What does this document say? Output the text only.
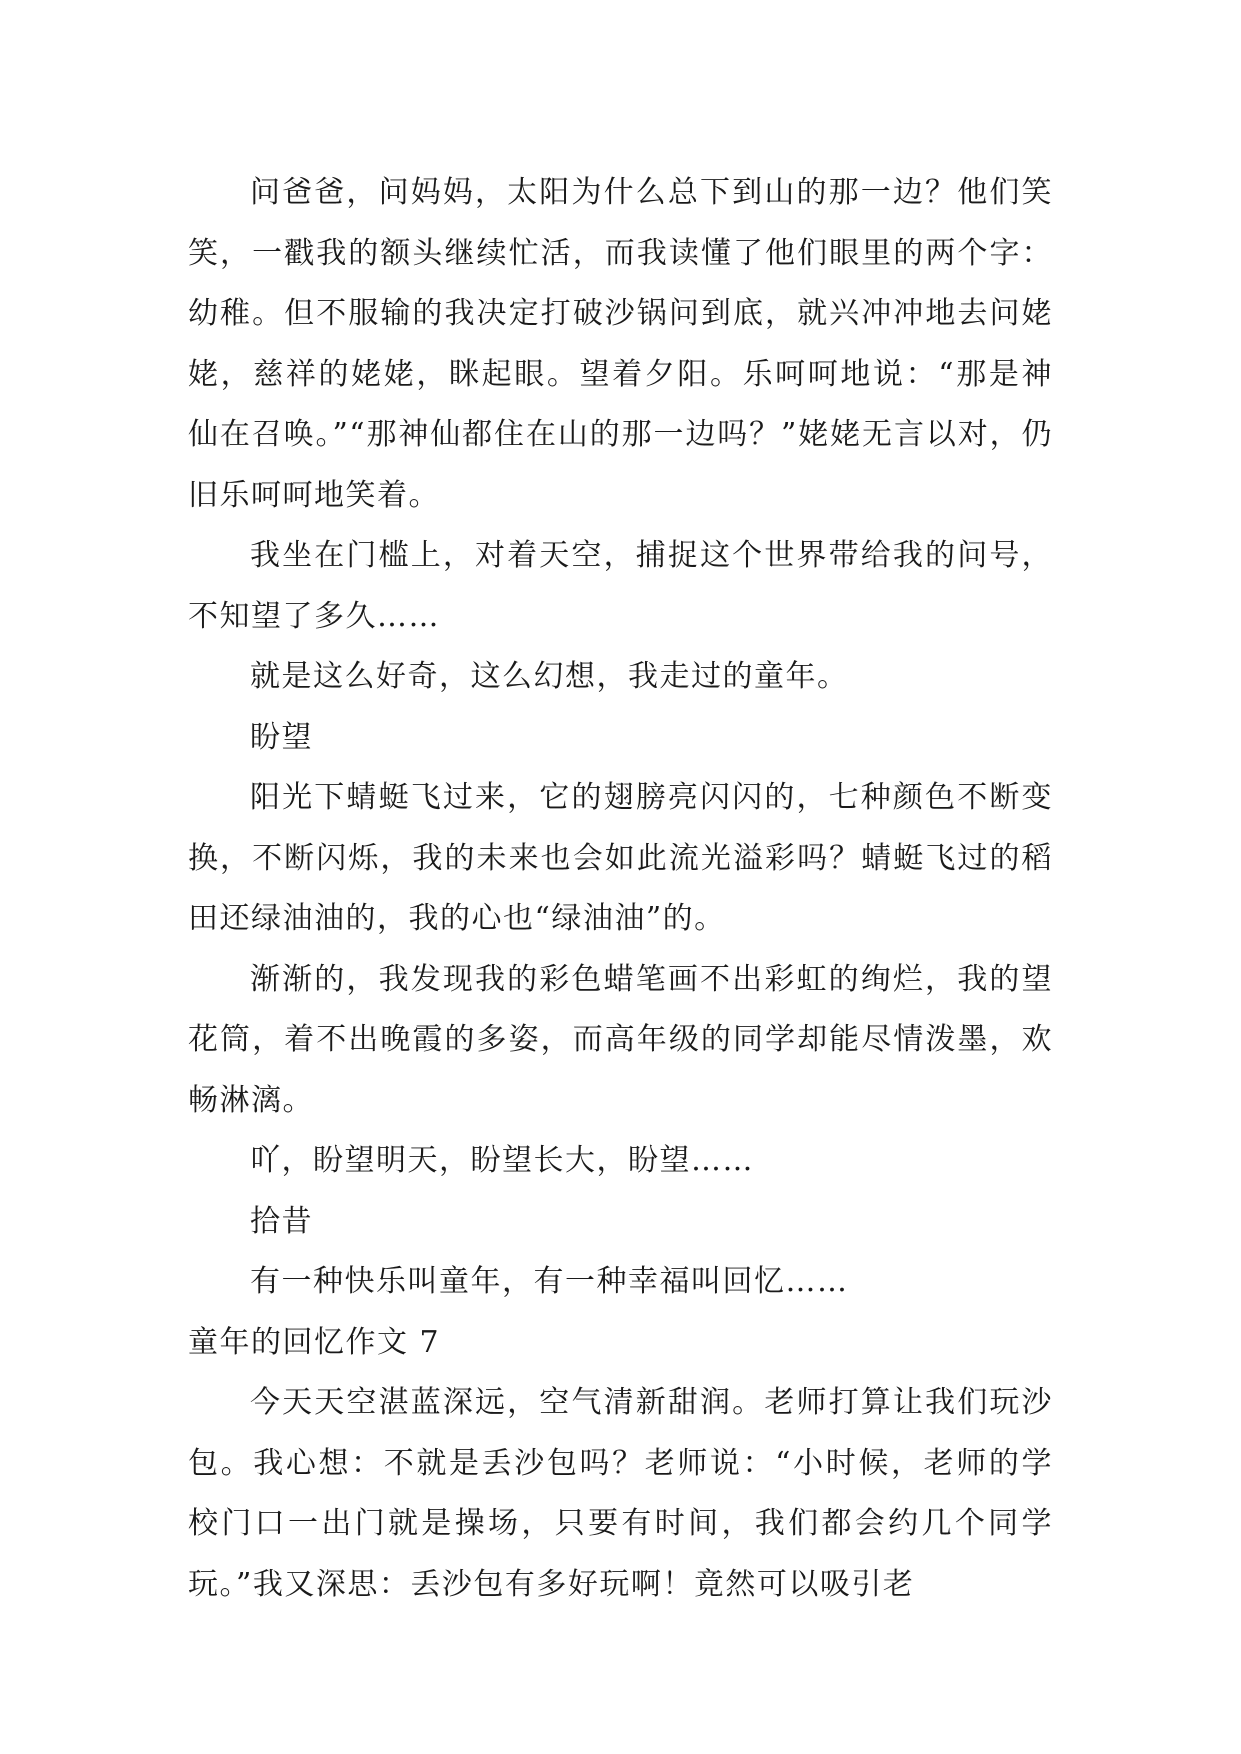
问爸爸，问妈妈，太阳为什么总下到山的那一边？他们笑笑，一戳我的额头继续忙活，而我读懂了他们眼里的两个字：幼稚。但不服输的我决定打破沙锅问到底，就兴冲冲地去问姥姥，慈祥的姥姥，眯起眼。望着夕阳。乐呵呵地说：“那是神仙在召唤。”“那神仙都住在山的那一边吗？”姥姥无言以对，仍旧乐呵呵地笑着。

我坐在门槛上，对着天空，捕捉这个世界带给我的问号，不知望了多久……

就是这么好奇，这么幻想，我走过的童年。

盼望

阳光下蜻蜓飞过来，它的翅膀亮闪闪的，七种颜色不断变换，不断闪烁，我的未来也会如此流光溢彩吗？蜻蜓飞过的稻田还绿油油的，我的心也“绿油油”的。

渐渐的，我发现我的彩色蜡笔画不出彩虹的绚烂，我的望花筒，着不出晚霞的多姿，而高年级的同学却能尽情泼墨，欢畅淋漓。

吖，盼望明天，盼望长大，盼望……

拾昔

有一种快乐叫童年，有一种幸福叫回忆……

童年的回忆作文 7

今天天空湛蓝深远，空气清新甜润。老师打算让我们玩沙包。我心想：不就是丢沙包吗？老师说：“小时候，老师的学校门口一出门就是操场，只要有时间，我们都会约几个同学玩。”我又深思：丢沙包有多好玩啊！竟然可以吸引老
